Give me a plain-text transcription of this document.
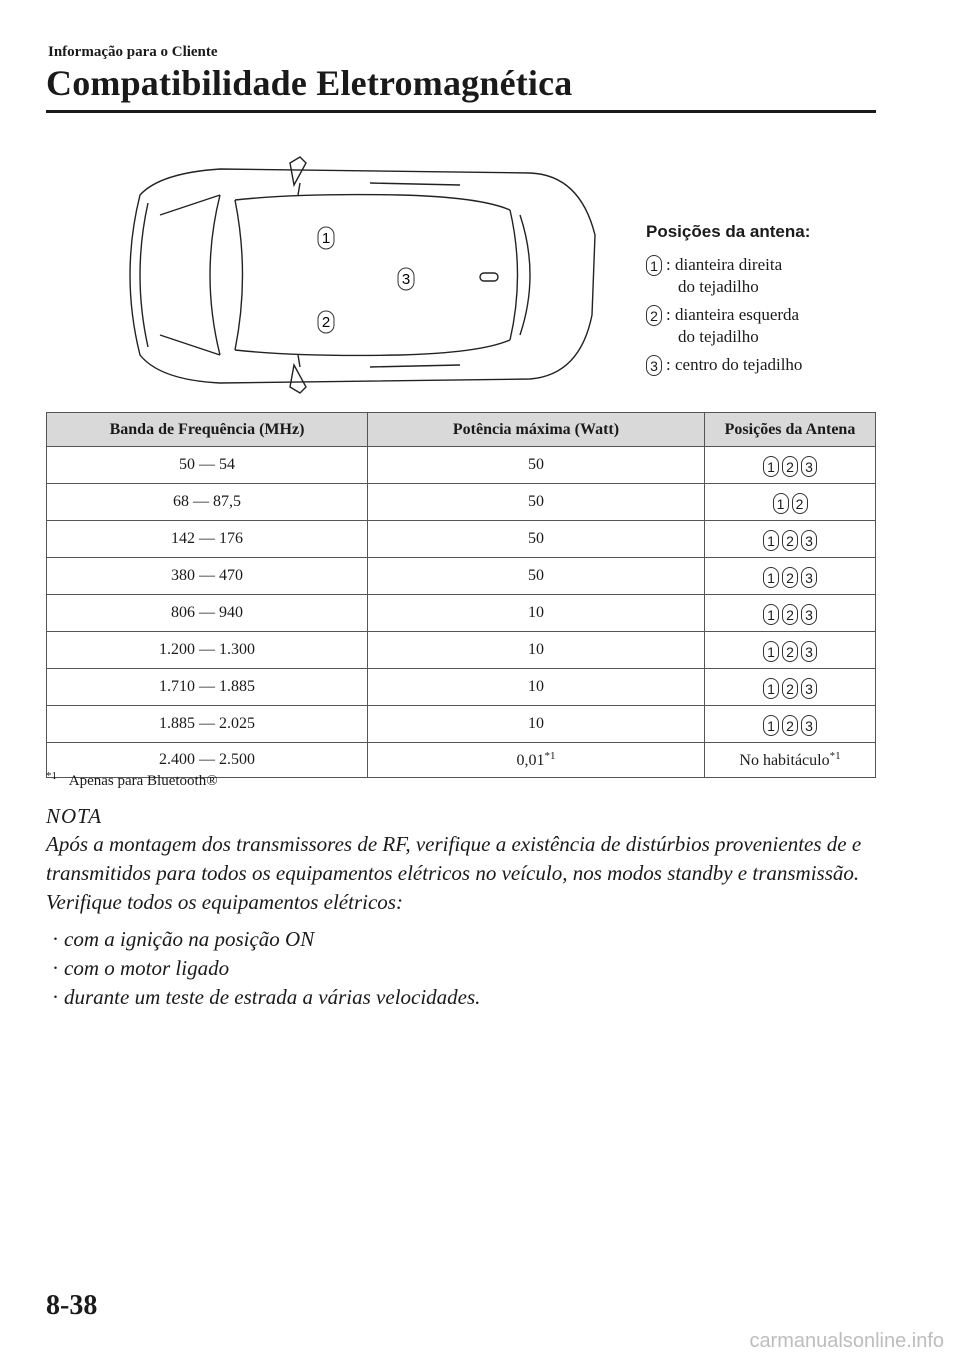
Informação para o Cliente
Compatibilidade Eletromagnética
1
2
3
Posições da antena:
1 : dianteira direita
do tejadilho
2 : dianteira esquerda
do tejadilho
3 : centro do tejadilho
Banda de Frequência (MHz)	Potência máxima (Watt)	Posições da Antena
50 — 54	50	1 2 3
68 — 87,5	50	1 2
142 — 176	50	1 2 3
380 — 470	50	1 2 3
806 — 940	10	1 2 3
1.200 — 1.300	10	1 2 3
1.710 — 1.885	10	1 2 3
1.885 — 2.025	10	1 2 3
2.400 — 2.500	0,01$^{*1}$	No habitáculo$^{*1}$
$^{*1}$ Apenas para Bluetooth®
NOTA

Após a montagem dos transmissores de RF, verifique a existência de distúrbios provenientes de e transmitidos para todos os equipamentos elétricos no veículo, nos modos standby e transmissão.

Verifique todos os equipamentos elétricos:

· com a ignição na posição ON
· com o motor ligado
· durante um teste de estrada a várias velocidades.
8-38
carmanualsonline.info
